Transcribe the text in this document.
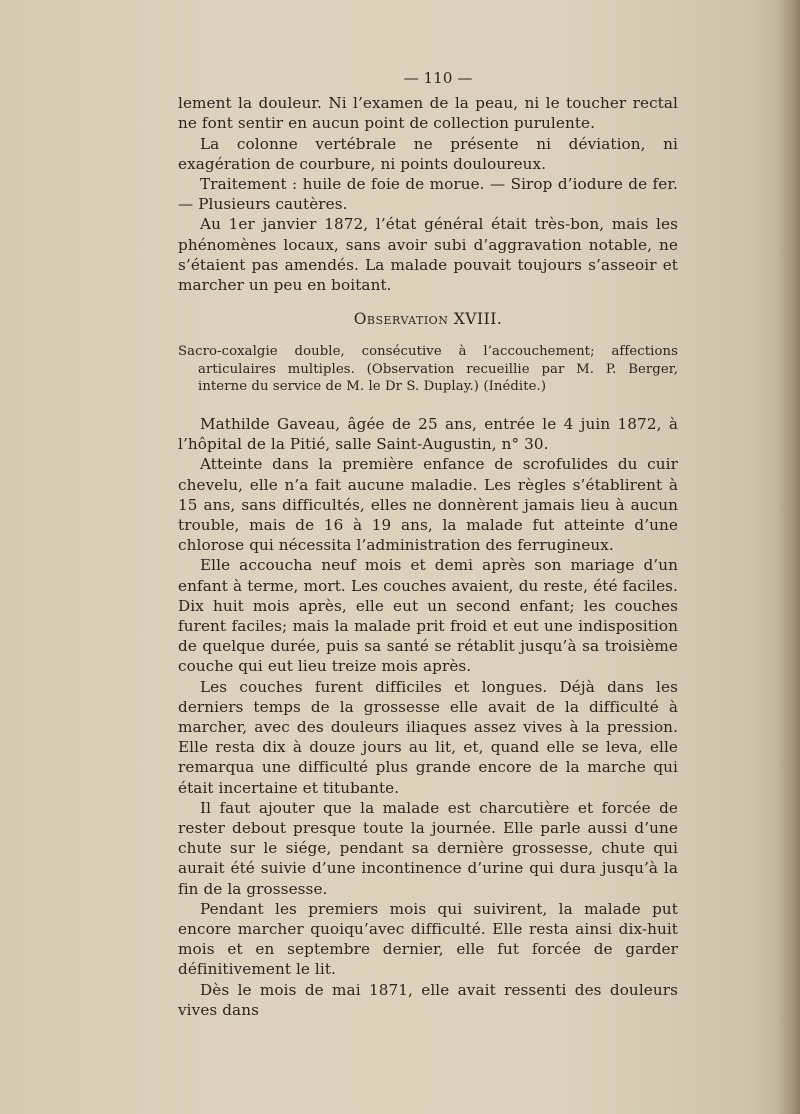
— 110 —

lement la douleur. Ni l’examen de la peau, ni le toucher rectal ne font sentir en aucun point de collection purulente.

La colonne vertébrale ne présente ni déviation, ni exagération de courbure, ni points douloureux.

Traitement : huile de foie de morue. — Sirop d’iodure de fer. — Plusieurs cautères.

Au 1er janvier 1872, l’état général était très-bon, mais les phénomènes locaux, sans avoir subi d’aggravation notable, ne s’étaient pas amendés. La malade pouvait toujours s’asseoir et marcher un peu en boitant.

Observation XVIII.

Sacro-coxalgie double, consécutive à l’accouchement; affections articulaires multiples. (Observation recueillie par M. P. Berger, interne du service de M. le Dr S. Duplay.) (Inédite.)

Mathilde Gaveau, âgée de 25 ans, entrée le 4 juin 1872, à l’hôpital de la Pitié, salle Saint-Augustin, n° 30.

Atteinte dans la première enfance de scrofulides du cuir chevelu, elle n’a fait aucune maladie. Les règles s’établirent à 15 ans, sans difficultés, elles ne donnèrent jamais lieu à aucun trouble, mais de 16 à 19 ans, la malade fut atteinte d’une chlorose qui nécessita l’administration des ferrugineux.

Elle accoucha neuf mois et demi après son mariage d’un enfant à terme, mort. Les couches avaient, du reste, été faciles. Dix huit mois après, elle eut un second enfant; les couches furent faciles; mais la malade prit froid et eut une indisposition de quelque durée, puis sa santé se rétablit jusqu’à sa troisième couche qui eut lieu treize mois après.

Les couches furent difficiles et longues. Déjà dans les derniers temps de la grossesse elle avait de la difficulté à marcher, avec des douleurs iliaques assez vives à la pression. Elle resta dix à douze jours au lit, et, quand elle se leva, elle remarqua une difficulté plus grande encore de la marche qui était incertaine et titubante.

Il faut ajouter que la malade est charcutière et forcée de rester debout presque toute la journée. Elle parle aussi d’une chute sur le siége, pendant sa dernière grossesse, chute qui aurait été suivie d’une incontinence d’urine qui dura jusqu’à la fin de la grossesse.

Pendant les premiers mois qui suivirent, la malade put encore marcher quoiqu’avec difficulté. Elle resta ainsi dix-huit mois et en septembre dernier, elle fut forcée de garder définitivement le lit.

Dès le mois de mai 1871, elle avait ressenti des douleurs vives dans
